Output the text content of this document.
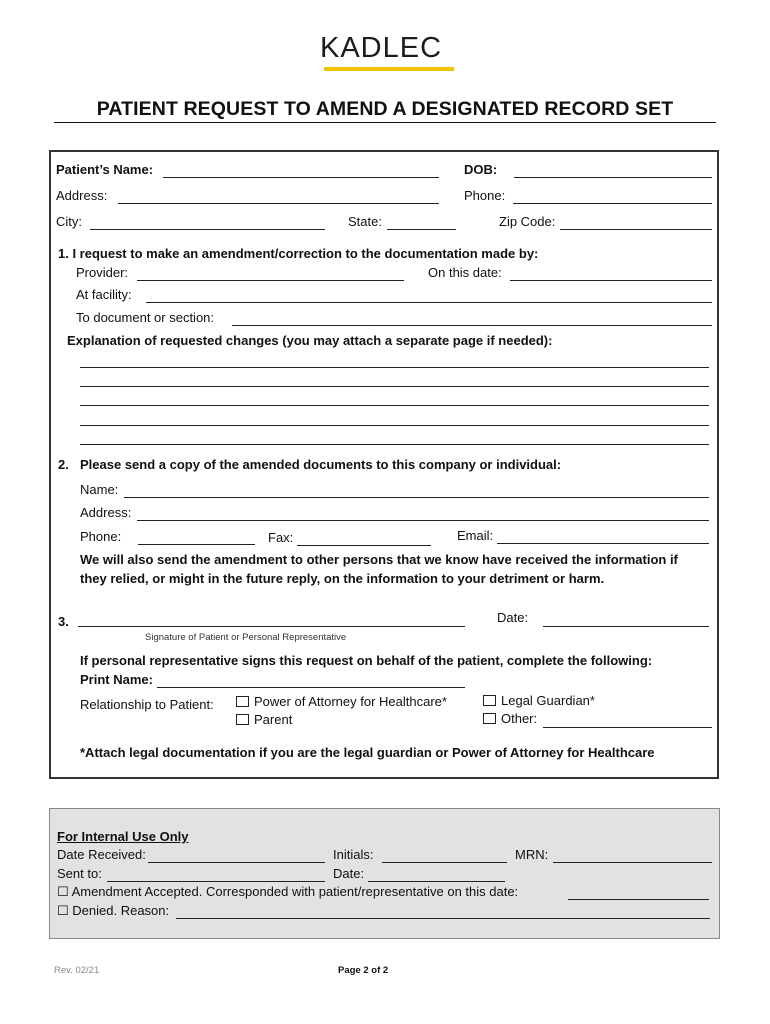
KADLEC
PATIENT REQUEST TO AMEND A DESIGNATED RECORD SET
Patient’s Name:	DOB:
Address:	Phone:
City:	State:	Zip Code:
1. I request to make an amendment/correction to the documentation made by:
Provider:	On this date:
At facility:
To document or section:
Explanation of requested changes (you may attach a separate page if needed):
2. Please send a copy of the amended documents to this company or individual:
Name:
Address:
Phone:	Fax:	Email:
We will also send the amendment to other persons that we know have received the information if
they relied, or might in the future reply, on the information to your detriment or harm.
3.	Date:
Signature of Patient or Personal Representative
If personal representative signs this request on behalf of the patient, complete the following:
Print Name:
Relationship to Patient:	Power of Attorney for Healthcare*
Parent
Legal Guardian*
Other:
*Attach legal documentation if you are the legal guardian or Power of Attorney for Healthcare
For Internal Use Only
Date Received:	Initials:	MRN:
Sent to:	Date:
☐ Amendment Accepted. Corresponded with patient/representative on this date:
☐ Denied. Reason:
Rev. 02/21	Page 2 of 2
